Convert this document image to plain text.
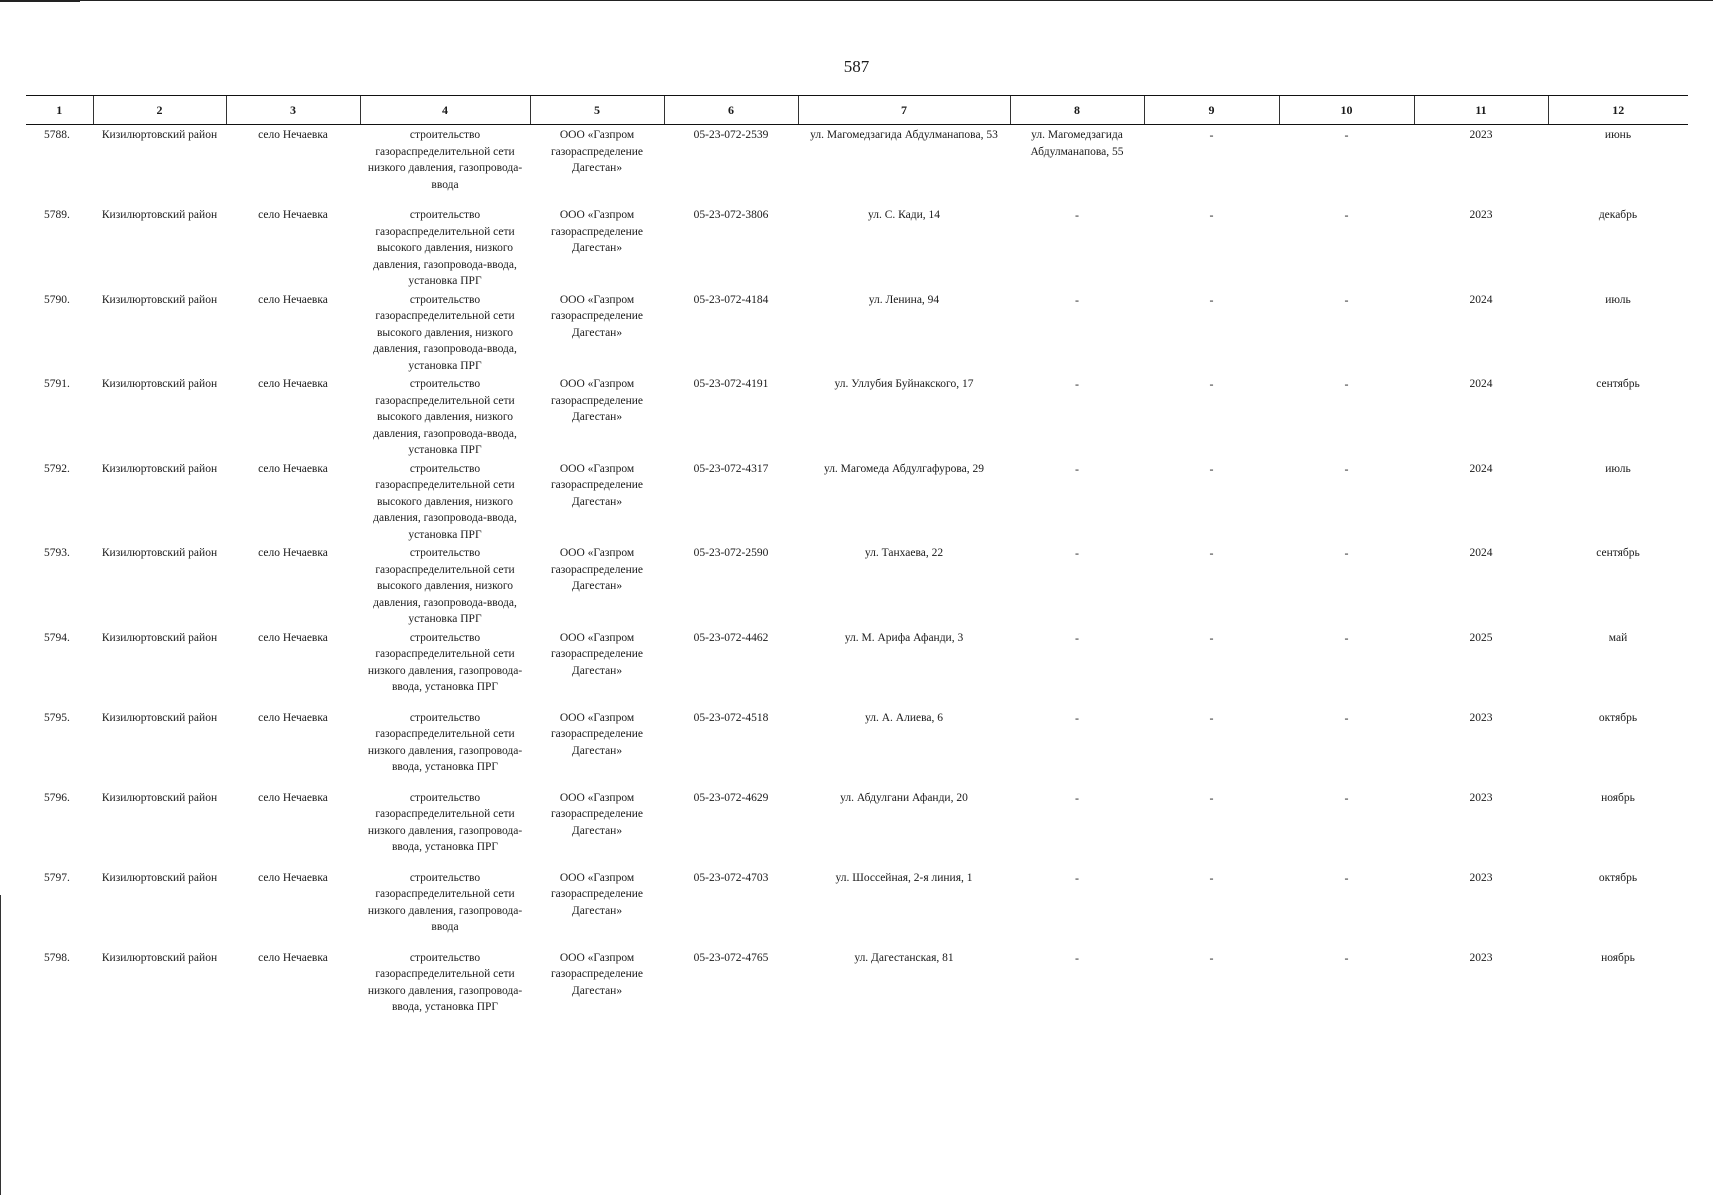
587
1	2	3	4	5	6	7	8	9	10	11	12
5788.	Кизилюртовский район	село Нечаевка	строительство газораспределительной сети низкого давления, газопровода-ввода	ООО «Газпром газораспределение Дагестан»	05-23-072-2539	ул. Магомедзагида Абдулманапова, 53	ул. Магомедзагида Абдулманапова, 55	-	-	2023	июнь
5789.	Кизилюртовский район	село Нечаевка	строительство газораспределительной сети высокого давления, низкого давления, газопровода-ввода, установка ПРГ	ООО «Газпром газораспределение Дагестан»	05-23-072-3806	ул. С. Кади, 14	-	-	-	2023	декабрь
5790.	Кизилюртовский район	село Нечаевка	строительство газораспределительной сети высокого давления, низкого давления, газопровода-ввода, установка ПРГ	ООО «Газпром газораспределение Дагестан»	05-23-072-4184	ул. Ленина, 94	-	-	-	2024	июль
5791.	Кизилюртовский район	село Нечаевка	строительство газораспределительной сети высокого давления, низкого давления, газопровода-ввода, установка ПРГ	ООО «Газпром газораспределение Дагестан»	05-23-072-4191	ул. Уллубия Буйнакского, 17	-	-	-	2024	сентябрь
5792.	Кизилюртовский район	село Нечаевка	строительство газораспределительной сети высокого давления, низкого давления, газопровода-ввода, установка ПРГ	ООО «Газпром газораспределение Дагестан»	05-23-072-4317	ул. Магомеда Абдулгафурова, 29	-	-	-	2024	июль
5793.	Кизилюртовский район	село Нечаевка	строительство газораспределительной сети высокого давления, низкого давления, газопровода-ввода, установка ПРГ	ООО «Газпром газораспределение Дагестан»	05-23-072-2590	ул. Танхаева, 22	-	-	-	2024	сентябрь
5794.	Кизилюртовский район	село Нечаевка	строительство газораспределительной сети низкого давления, газопровода-ввода, установка ПРГ	ООО «Газпром газораспределение Дагестан»	05-23-072-4462	ул. М. Арифа Афанди, 3	-	-	-	2025	май
5795.	Кизилюртовский район	село Нечаевка	строительство газораспределительной сети низкого давления, газопровода-ввода, установка ПРГ	ООО «Газпром газораспределение Дагестан»	05-23-072-4518	ул. А. Алиева, 6	-	-	-	2023	октябрь
5796.	Кизилюртовский район	село Нечаевка	строительство газораспределительной сети низкого давления, газопровода-ввода, установка ПРГ	ООО «Газпром газораспределение Дагестан»	05-23-072-4629	ул. Абдулгани Афанди, 20	-	-	-	2023	ноябрь
5797.	Кизилюртовский район	село Нечаевка	строительство газораспределительной сети низкого давления, газопровода-ввода	ООО «Газпром газораспределение Дагестан»	05-23-072-4703	ул. Шоссейная, 2-я линия, 1	-	-	-	2023	октябрь
5798.	Кизилюртовский район	село Нечаевка	строительство газораспределительной сети низкого давления, газопровода-ввода, установка ПРГ	ООО «Газпром газораспределение Дагестан»	05-23-072-4765	ул. Дагестанская, 81	-	-	-	2023	ноябрь
